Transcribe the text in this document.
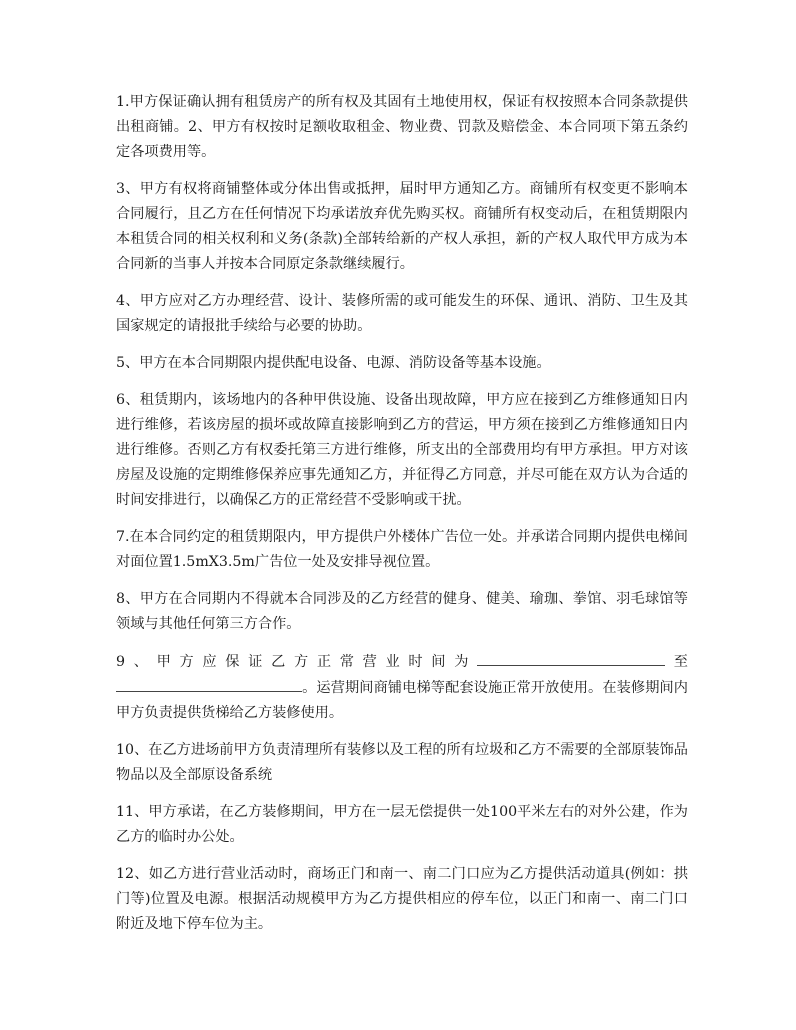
1.甲方保证确认拥有租赁房产的所有权及其固有土地使用权，保证有权按照本合同条款提供出租商铺。2、甲方有权按时足额收取租金、物业费、罚款及赔偿金、本合同项下第五条约定各项费用等。

3、甲方有权将商铺整体或分体出售或抵押，届时甲方通知乙方。商铺所有权变更不影响本合同履行，且乙方在任何情况下均承诺放弃优先购买权。商铺所有权变动后，在租赁期限内本租赁合同的相关权利和义务(条款)全部转给新的产权人承担，新的产权人取代甲方成为本合同新的当事人并按本合同原定条款继续履行。

4、甲方应对乙方办理经营、设计、装修所需的或可能发生的环保、通讯、消防、卫生及其国家规定的请报批手续给与必要的协助。

5、甲方在本合同期限内提供配电设备、电源、消防设备等基本设施。

6、租赁期内，该场地内的各种甲供设施、设备出现故障，甲方应在接到乙方维修通知日内进行维修，若该房屋的损坏或故障直接影响到乙方的营运，甲方须在接到乙方维修通知日内进行维修。否则乙方有权委托第三方进行维修，所支出的全部费用均有甲方承担。甲方对该房屋及设施的定期维修保养应事先通知乙方，并征得乙方同意，并尽可能在双方认为合适的时间安排进行，以确保乙方的正常经营不受影响或干扰。

7.在本合同约定的租赁期限内，甲方提供户外楼体广告位一处。并承诺合同期内提供电梯间对面位置1.5mX3.5m广告位一处及安排导视位置。

8、甲方在合同期内不得就本合同涉及的乙方经营的健身、健美、瑜珈、拳馆、羽毛球馆等领域与其他任何第三方合作。

9、甲方应保证乙方正常营业时间为	至。运营期间商铺电梯等配套设施正常开放使用。在装修期间内甲方负责提供货梯给乙方装修使用。

10、在乙方进场前甲方负责清理所有装修以及工程的所有垃圾和乙方不需要的全部原装饰品物品以及全部原设备系统

11、甲方承诺，在乙方装修期间，甲方在一层无偿提供一处100平米左右的对外公建，作为乙方的临时办公处。

12、如乙方进行营业活动时，商场正门和南一、南二门口应为乙方提供活动道具(例如：拱门等)位置及电源。根据活动规模甲方为乙方提供相应的停车位，以正门和南一、南二门口附近及地下停车位为主。
